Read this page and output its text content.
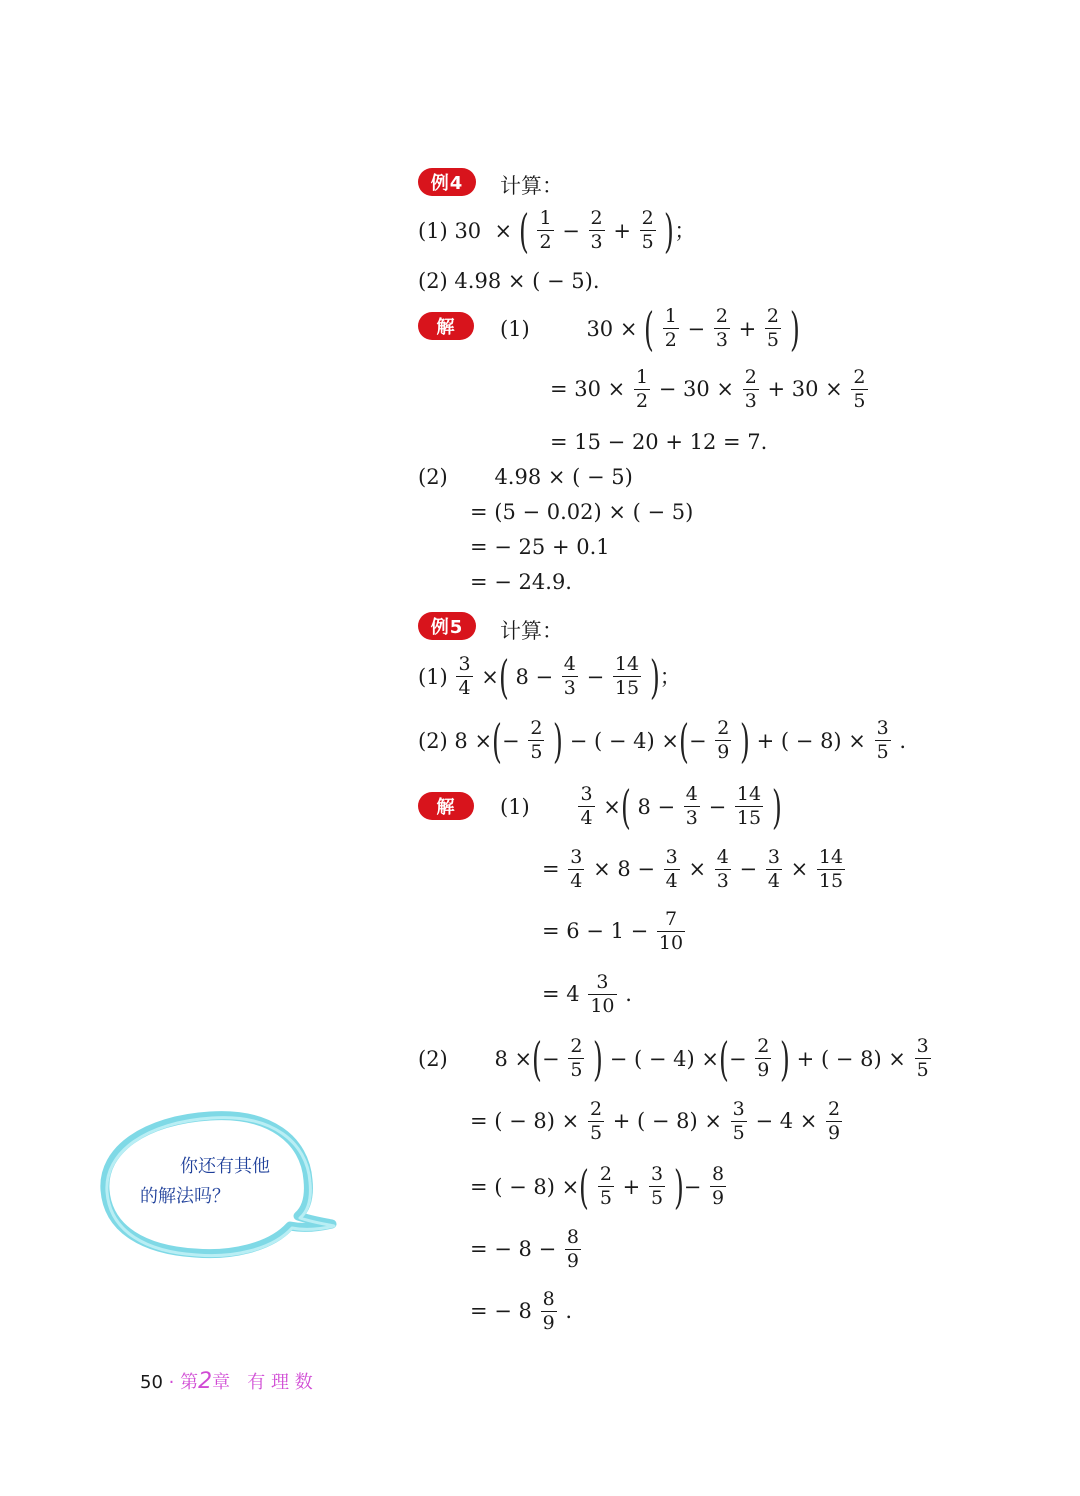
例4	计算：
(1) 30  × ( $\frac{1}{2} - \frac{2}{3} + \frac{2}{5}$ )；
(2) 4.98 × ( − 5).
解	(1)	30 × ( $\frac{1}{2} - \frac{2}{3} + \frac{2}{5}$ )
= $30 \times \frac{1}{2} - 30 \times \frac{2}{3} + 30 \times \frac{2}{5}$
= 15 − 20 + 12 = 7.
(2) 4.98 × ( − 5)
= (5 − 0.02) × ( − 5)
= − 25 + 0.1
= − 24.9.
例5	计算：
$(1) \frac{3}{4}$ ×( $8 - \frac{4}{3} - \frac{14}{15}$ )；
(2) 8 ×(− $\frac{2}{5}$ ) − ( − 4) ×(− $\frac{2}{9}$ ) + ( − $8) \times \frac{3}{5}$ .
解	(1)	$\frac{3}{4}$ ×( $8 - \frac{4}{3} - \frac{14}{15}$ )
= $\frac{3}{4} \times 8 - \frac{3}{4} \times \frac{4}{3} - \frac{3}{4} \times \frac{14}{15}$
= $6 - 1 - \frac{7}{10}$
= $4 \frac{3}{10}$ .
(2) 8 ×(− $\frac{2}{5}$ ) − ( − 4) ×(− $\frac{2}{9}$ ) + ( − $8) \times \frac{3}{5}$
= ( − $8) \times \frac{2}{5}$ + ( − $8) \times \frac{3}{5} - 4 \times \frac{2}{9}$
= ( − 8) ×( $\frac{2}{5} + \frac{3}{5}$ )− $\frac{8}{9}$
= − $8 - \frac{8}{9}$
= − $8 \frac{8}{9}$ .
你还有其他
的解法吗？
50 · 第2章 有 理 数
